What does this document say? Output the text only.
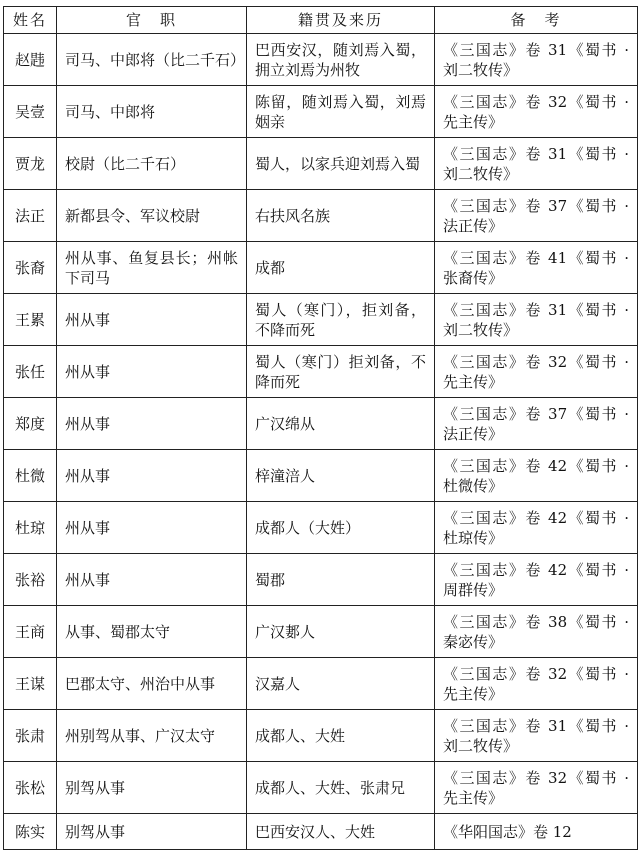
姓名	官　职	籍贯及来历	备　考
赵韪	司马、中郎将（比二千石）	巴西安汉，随刘焉入蜀，拥立刘焉为州牧	《三国志》卷 31《蜀书 · 刘二牧传》
吴壹	司马、中郎将	陈留，随刘焉入蜀，刘焉姻亲	《三国志》卷 32《蜀书 · 先主传》
贾龙	校尉（比二千石）	蜀人，以家兵迎刘焉入蜀	《三国志》卷 31《蜀书 · 刘二牧传》
法正	新都县令、军议校尉	右扶风名族	《三国志》卷 37《蜀书 · 法正传》
张裔	州从事、鱼复县长；州帐下司马	成都	《三国志》卷 41《蜀书 · 张裔传》
王累	州从事	蜀人（寒门），拒刘备，不降而死	《三国志》卷 31《蜀书 · 刘二牧传》
张任	州从事	蜀人（寒门）拒刘备，不降而死	《三国志》卷 32《蜀书 · 先主传》
郑度	州从事	广汉绵从	《三国志》卷 37《蜀书 · 法正传》
杜微	州从事	梓潼涪人	《三国志》卷 42《蜀书 · 杜微传》
杜琼	州从事	成都人（大姓）	《三国志》卷 42《蜀书 · 杜琼传》
张裕	州从事	蜀郡	《三国志》卷 42《蜀书 · 周群传》
王商	从事、蜀郡太守	广汉郪人	《三国志》卷 38《蜀书 · 秦宓传》
王谋	巴郡太守、州治中从事	汉嘉人	《三国志》卷 32《蜀书 · 先主传》
张肃	州别驾从事、广汉太守	成都人、大姓	《三国志》卷 31《蜀书 · 刘二牧传》
张松	别驾从事	成都人、大姓、张肃兄	《三国志》卷 32《蜀书 · 先主传》
陈实	别驾从事	巴西安汉人、大姓	《华阳国志》卷 12
